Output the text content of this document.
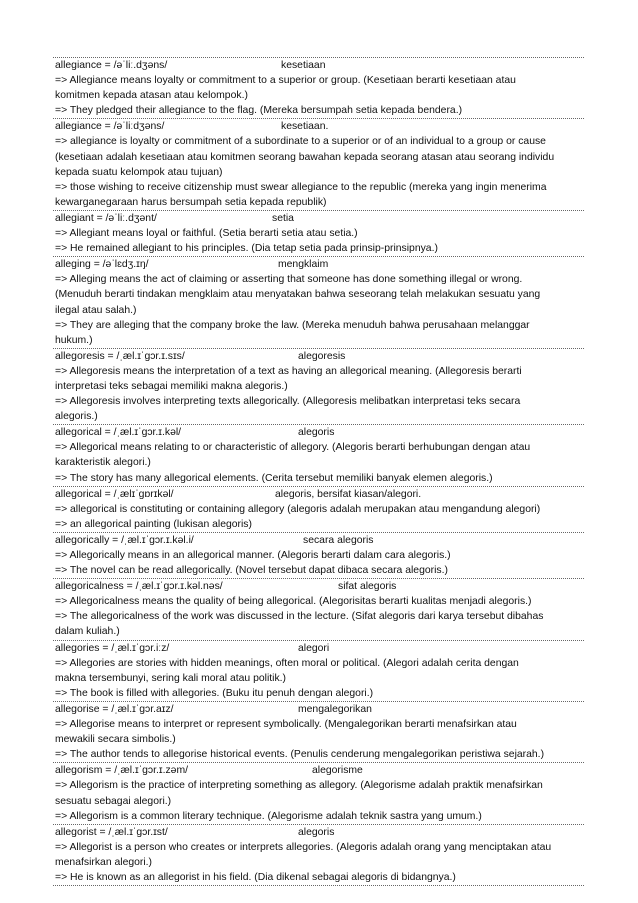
allegiance = /əˈliː.dʒəns/	kesetiaan
=> Allegiance means loyalty or commitment to a superior or group. (Kesetiaan berarti kesetiaan atau
komitmen kepada atasan atau kelompok.)
=> They pledged their allegiance to the flag. (Mereka bersumpah setia kepada bendera.)
allegiance = /əˈliːdʒəns/	kesetiaan.
=> allegiance is loyalty or commitment of a subordinate to a superior or of an individual to a group or cause
(kesetiaan adalah kesetiaan atau komitmen seorang bawahan kepada seorang atasan atau seorang individu
kepada suatu kelompok atau tujuan)
=> those wishing to receive citizenship must swear allegiance to the republic (mereka yang ingin menerima
kewarganegaraan harus bersumpah setia kepada republik)
allegiant = /əˈliː.dʒənt/	setia
=> Allegiant means loyal or faithful. (Setia berarti setia atau setia.)
=> He remained allegiant to his principles. (Dia tetap setia pada prinsip-prinsipnya.)
alleging = /əˈlɛdʒ.ɪŋ/	mengklaim
=> Alleging means the act of claiming or asserting that someone has done something illegal or wrong.
(Menuduh berarti tindakan mengklaim atau menyatakan bahwa seseorang telah melakukan sesuatu yang
ilegal atau salah.)
=> They are alleging that the company broke the law. (Mereka menuduh bahwa perusahaan melanggar
hukum.)
allegoresis = /ˌæl.ɪˈɡɔr.ɪ.sɪs/	alegoresis
=> Allegoresis means the interpretation of a text as having an allegorical meaning. (Allegoresis berarti
interpretasi teks sebagai memiliki makna alegoris.)
=> Allegoresis involves interpreting texts allegorically. (Allegoresis melibatkan interpretasi teks secara
alegoris.)
allegorical = /ˌæl.ɪˈɡɔr.ɪ.kəl/	alegoris
=> Allegorical means relating to or characteristic of allegory. (Alegoris berarti berhubungan dengan atau
karakteristik alegori.)
=> The story has many allegorical elements. (Cerita tersebut memiliki banyak elemen alegoris.)
allegorical = /ˌælɪˈɡɒrɪkəl/	alegoris, bersifat kiasan/alegori.
=> allegorical is constituting or containing allegory (alegoris adalah merupakan atau mengandung alegori)
=> an allegorical painting (lukisan alegoris)
allegorically = /ˌæl.ɪˈɡɔr.ɪ.kəl.i/	secara alegoris
=> Allegorically means in an allegorical manner. (Alegoris berarti dalam cara alegoris.)
=> The novel can be read allegorically. (Novel tersebut dapat dibaca secara alegoris.)
allegoricalness = /ˌæl.ɪˈɡɔr.ɪ.kəl.nəs/	sifat alegoris
=> Allegoricalness means the quality of being allegorical. (Alegorisitas berarti kualitas menjadi alegoris.)
=> The allegoricalness of the work was discussed in the lecture. (Sifat alegoris dari karya tersebut dibahas
dalam kuliah.)
allegories = /ˌæl.ɪˈɡɔr.iːz/	alegori
=> Allegories are stories with hidden meanings, often moral or political. (Alegori adalah cerita dengan
makna tersembunyi, sering kali moral atau politik.)
=> The book is filled with allegories. (Buku itu penuh dengan alegori.)
allegorise = /ˌæl.ɪˈɡɔr.aɪz/	mengalegorikan
=> Allegorise means to interpret or represent symbolically. (Mengalegorikan berarti menafsirkan atau
mewakili secara simbolis.)
=> The author tends to allegorise historical events. (Penulis cenderung mengalegorikan peristiwa sejarah.)
allegorism = /ˌæl.ɪˈɡɔr.ɪ.zəm/	alegorisme
=> Allegorism is the practice of interpreting something as allegory. (Alegorisme adalah praktik menafsirkan
sesuatu sebagai alegori.)
=> Allegorism is a common literary technique. (Alegorisme adalah teknik sastra yang umum.)
allegorist = /ˌæl.ɪˈɡɔr.ɪst/	alegoris
=> Allegorist is a person who creates or interprets allegories. (Alegoris adalah orang yang menciptakan atau
menafsirkan alegori.)
=> He is known as an allegorist in his field. (Dia dikenal sebagai alegoris di bidangnya.)
